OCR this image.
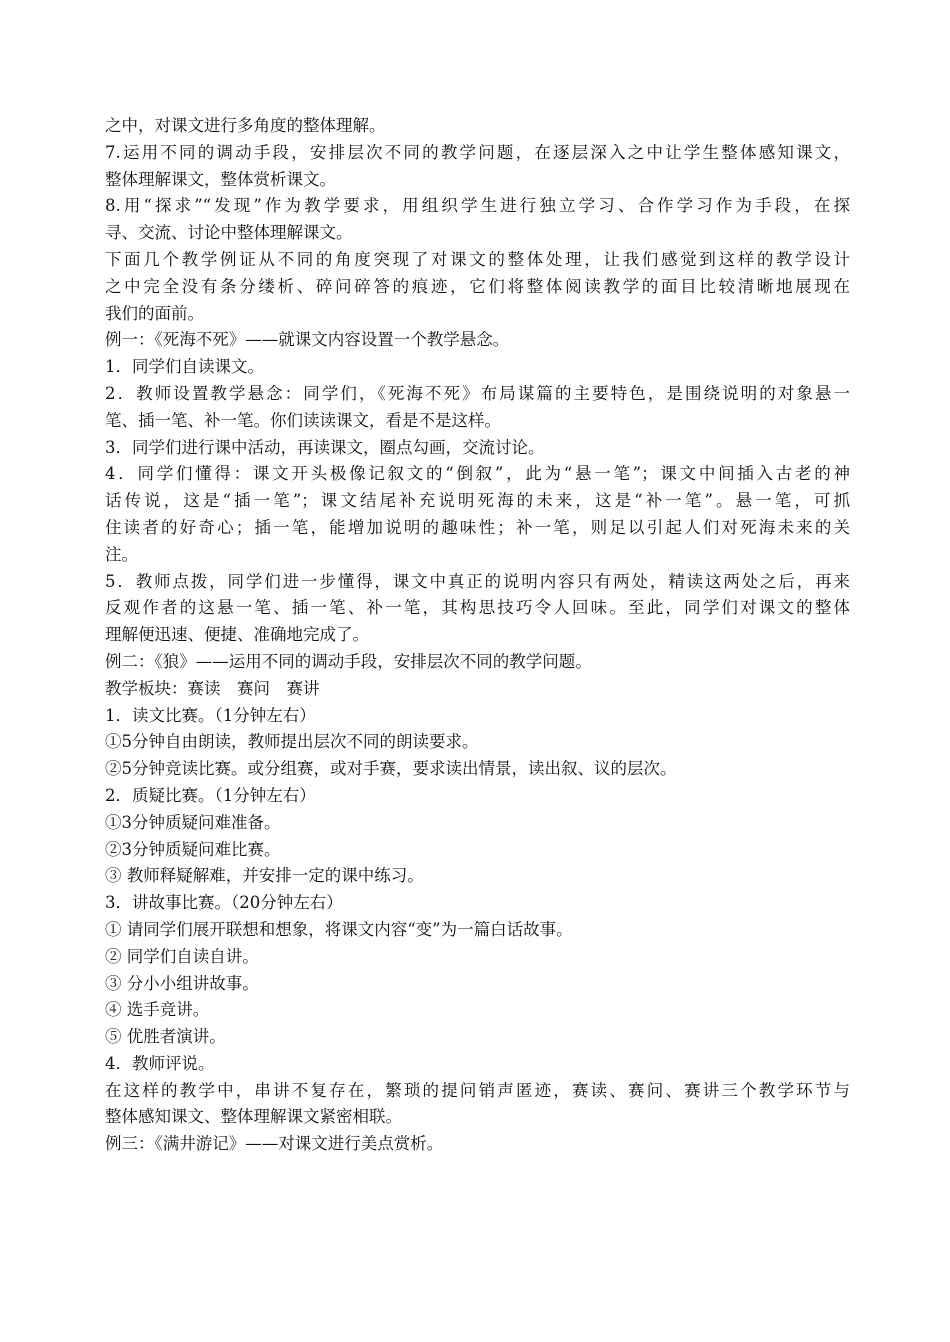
之中，对课文进行多角度的整体理解。
7.运用不同的调动手段，安排层次不同的教学问题，在逐层深入之中让学生整体感知课文，
整体理解课文，整体赏析课文。
8.用“探求”“发现”作为教学要求，用组织学生进行独立学习、合作学习作为手段，在探
寻、交流、讨论中整体理解课文。
下面几个教学例证从不同的角度突现了对课文的整体处理，让我们感觉到这样的教学设计
之中完全没有条分缕析、碎问碎答的痕迹，它们将整体阅读教学的面目比较清晰地展现在
我们的面前。
例一：《死海不死》——就课文内容设置一个教学悬念。
1．同学们自读课文。
2．教师设置教学悬念：同学们，《死海不死》布局谋篇的主要特色，是围绕说明的对象悬一
笔、插一笔、补一笔。你们读读课文，看是不是这样。
3．同学们进行课中活动，再读课文，圈点勾画，交流讨论。
4．同学们懂得：课文开头极像记叙文的“倒叙”，此为“悬一笔”；课文中间插入古老的神
话传说，这是“插一笔”；课文结尾补充说明死海的未来，这是“补一笔”。悬一笔，可抓
住读者的好奇心；插一笔，能增加说明的趣味性；补一笔，则足以引起人们对死海未来的关
注。
5．教师点拨，同学们进一步懂得，课文中真正的说明内容只有两处，精读这两处之后，再来
反观作者的这悬一笔、插一笔、补一笔，其构思技巧令人回味。至此，同学们对课文的整体
理解便迅速、便捷、准确地完成了。
例二：《狼》——运用不同的调动手段，安排层次不同的教学问题。
教学板块：赛读　赛问　赛讲
1．读文比赛。（1分钟左右）
①5分钟自由朗读，教师提出层次不同的朗读要求。
②5分钟竞读比赛。或分组赛，或对手赛，要求读出情景，读出叙、议的层次。
2．质疑比赛。（1分钟左右）
①3分钟质疑问难准备。
②3分钟质疑问难比赛。
③ 教师释疑解难，并安排一定的课中练习。
3．讲故事比赛。（20分钟左右）
① 请同学们展开联想和想象，将课文内容“变”为一篇白话故事。
② 同学们自读自讲。
③ 分小小组讲故事。
④ 选手竞讲。
⑤ 优胜者演讲。
4．教师评说。
在这样的教学中，串讲不复存在，繁琐的提问销声匿迹，赛读、赛问、赛讲三个教学环节与
整体感知课文、整体理解课文紧密相联。
例三：《满井游记》——对课文进行美点赏析。
